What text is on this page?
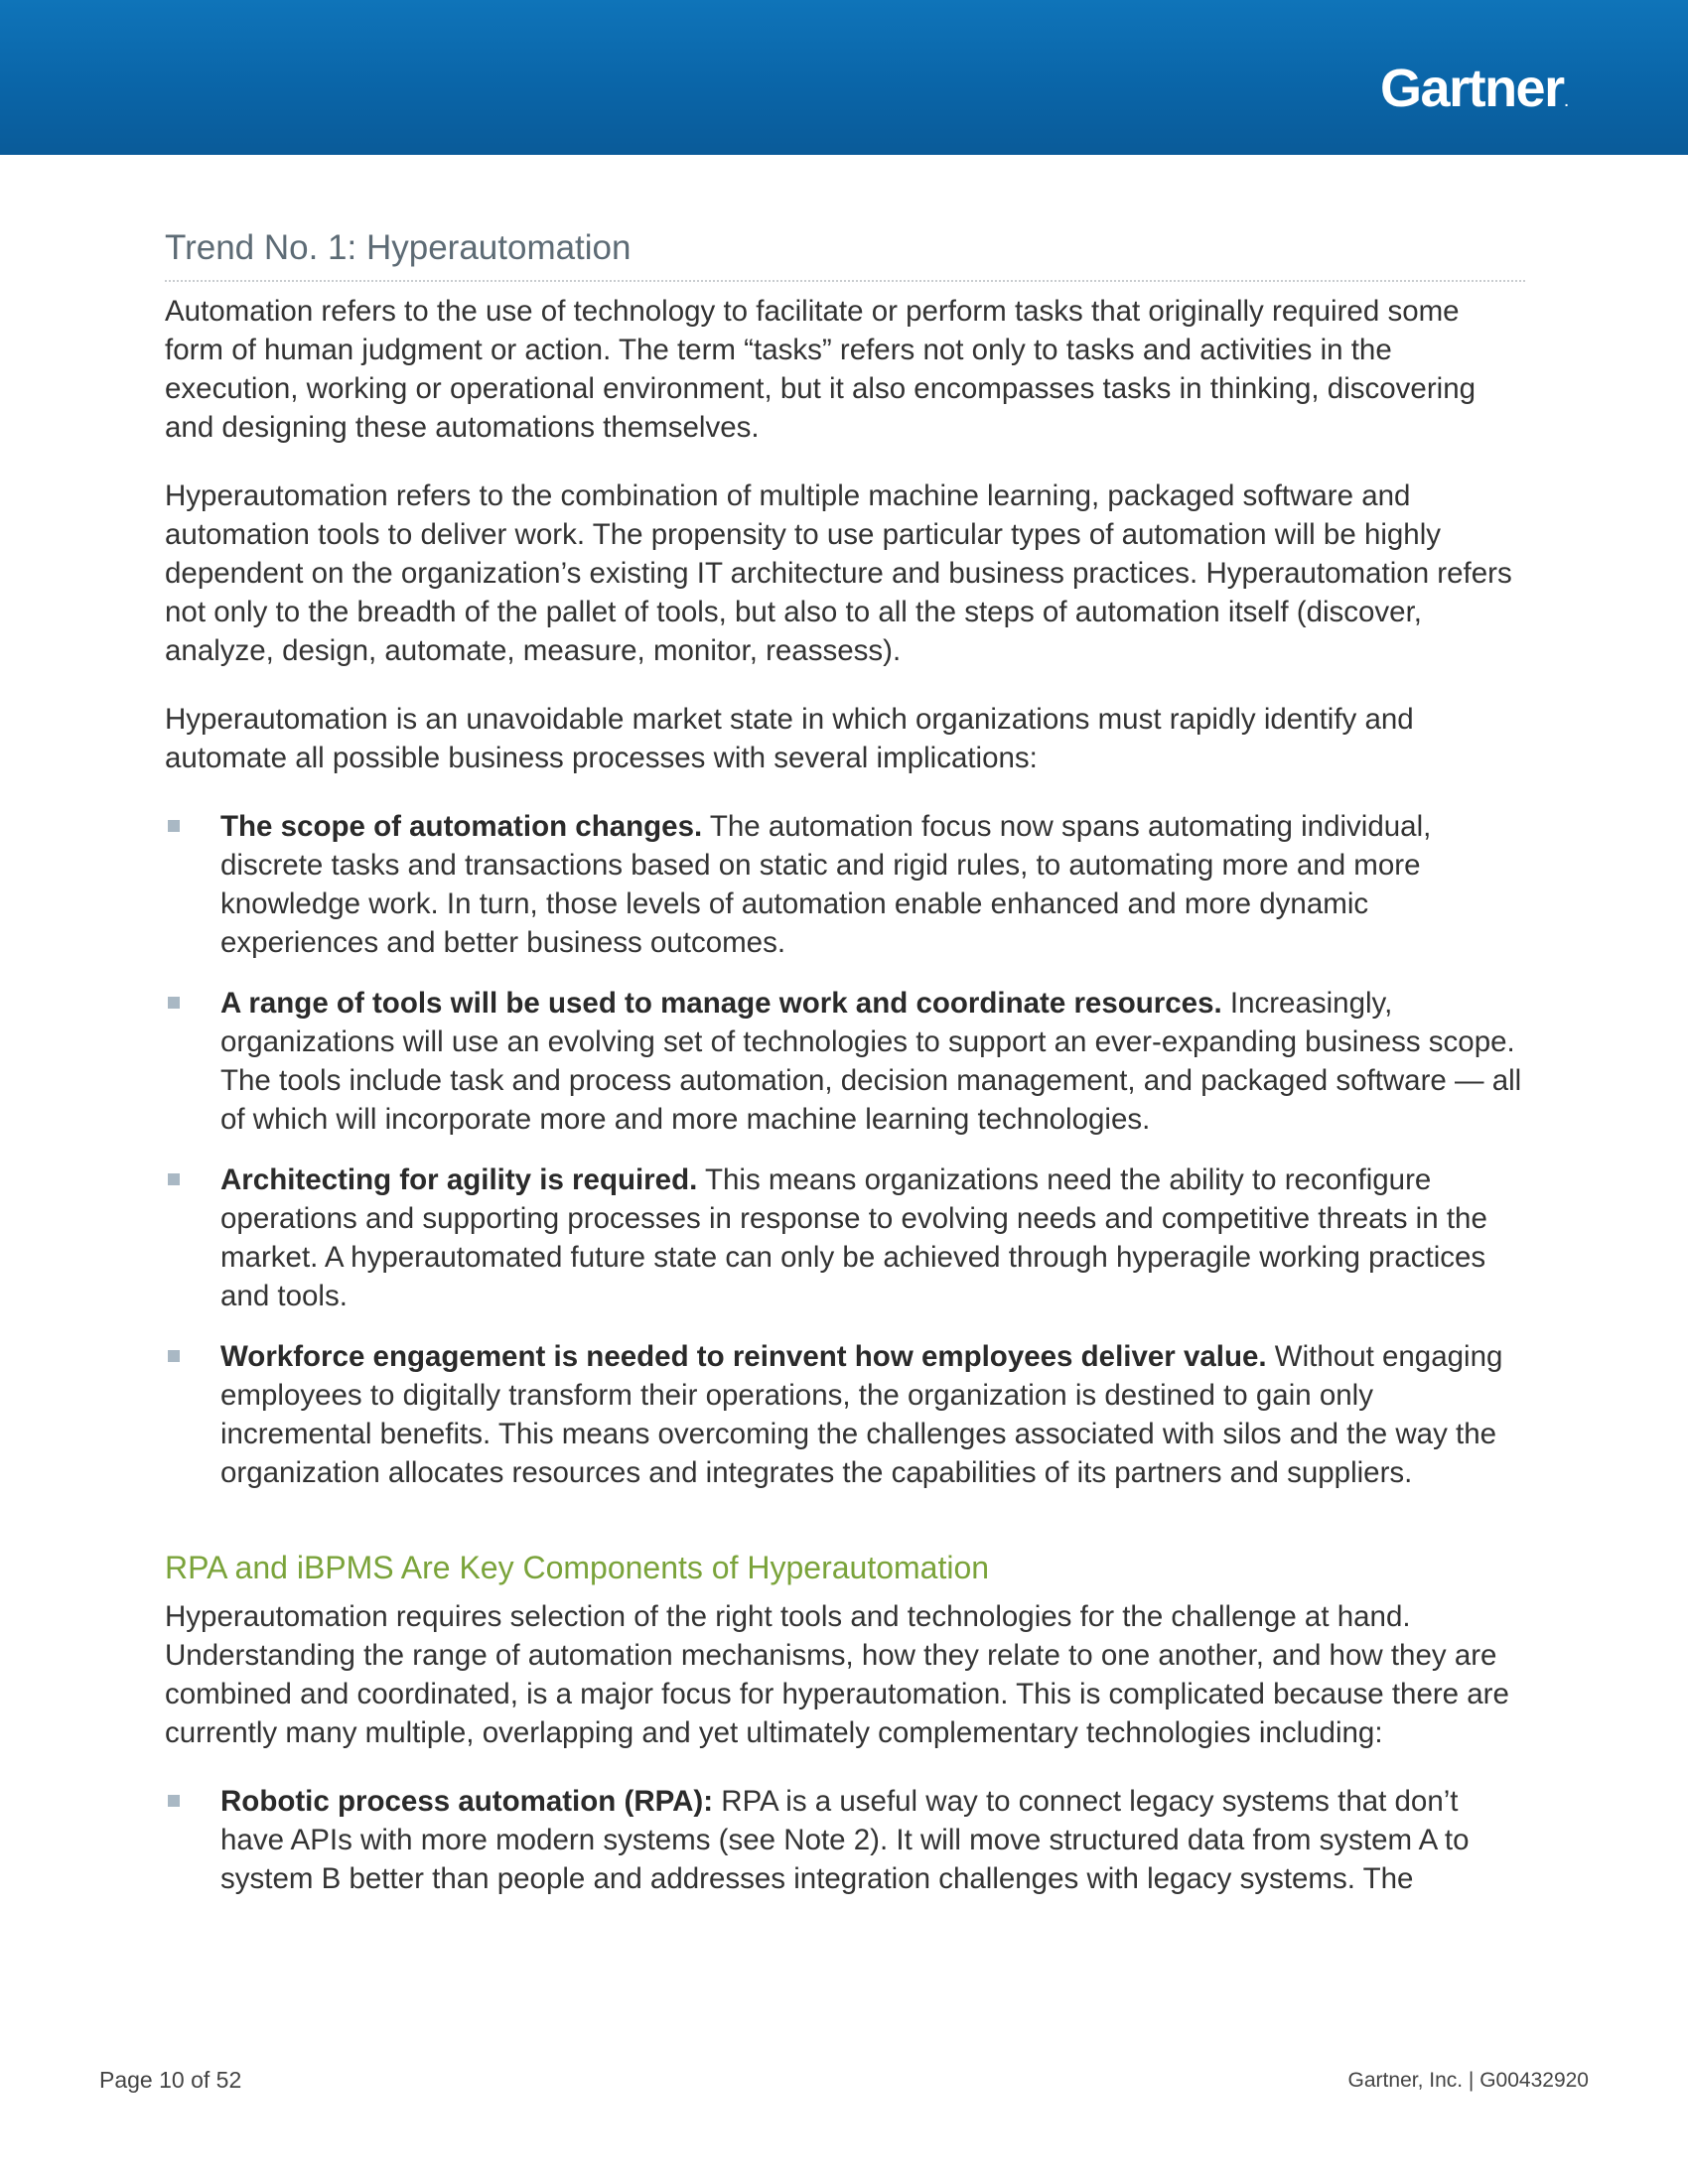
Gartner.
Trend No. 1: Hyperautomation

Automation refers to the use of technology to facilitate or perform tasks that originally required some form of human judgment or action. The term “tasks” refers not only to tasks and activities in the execution, working or operational environment, but it also encompasses tasks in thinking, discovering and designing these automations themselves.

Hyperautomation refers to the combination of multiple machine learning, packaged software and automation tools to deliver work. The propensity to use particular types of automation will be highly dependent on the organization’s existing IT architecture and business practices. Hyperautomation refers not only to the breadth of the pallet of tools, but also to all the steps of automation itself (discover, analyze, design, automate, measure, monitor, reassess).

Hyperautomation is an unavoidable market state in which organizations must rapidly identify and automate all possible business processes with several implications:

The scope of automation changes. The automation focus now spans automating individual, discrete tasks and transactions based on static and rigid rules, to automating more and more knowledge work. In turn, those levels of automation enable enhanced and more dynamic experiences and better business outcomes.
A range of tools will be used to manage work and coordinate resources. Increasingly, organizations will use an evolving set of technologies to support an ever-expanding business scope. The tools include task and process automation, decision management, and packaged software — all of which will incorporate more and more machine learning technologies.
Architecting for agility is required. This means organizations need the ability to reconfigure operations and supporting processes in response to evolving needs and competitive threats in the market. A hyperautomated future state can only be achieved through hyperagile working practices and tools.
Workforce engagement is needed to reinvent how employees deliver value. Without engaging employees to digitally transform their operations, the organization is destined to gain only incremental benefits. This means overcoming the challenges associated with silos and the way the organization allocates resources and integrates the capabilities of its partners and suppliers.
RPA and iBPMS Are Key Components of Hyperautomation

Hyperautomation requires selection of the right tools and technologies for the challenge at hand. Understanding the range of automation mechanisms, how they relate to one another, and how they are combined and coordinated, is a major focus for hyperautomation. This is complicated because there are currently many multiple, overlapping and yet ultimately complementary technologies including:

Robotic process automation (RPA): RPA is a useful way to connect legacy systems that don’t have APIs with more modern systems (see Note 2). It will move structured data from system A to system B better than people and addresses integration challenges with legacy systems. The
Page 10 of 52	Gartner, Inc. | G00432920
